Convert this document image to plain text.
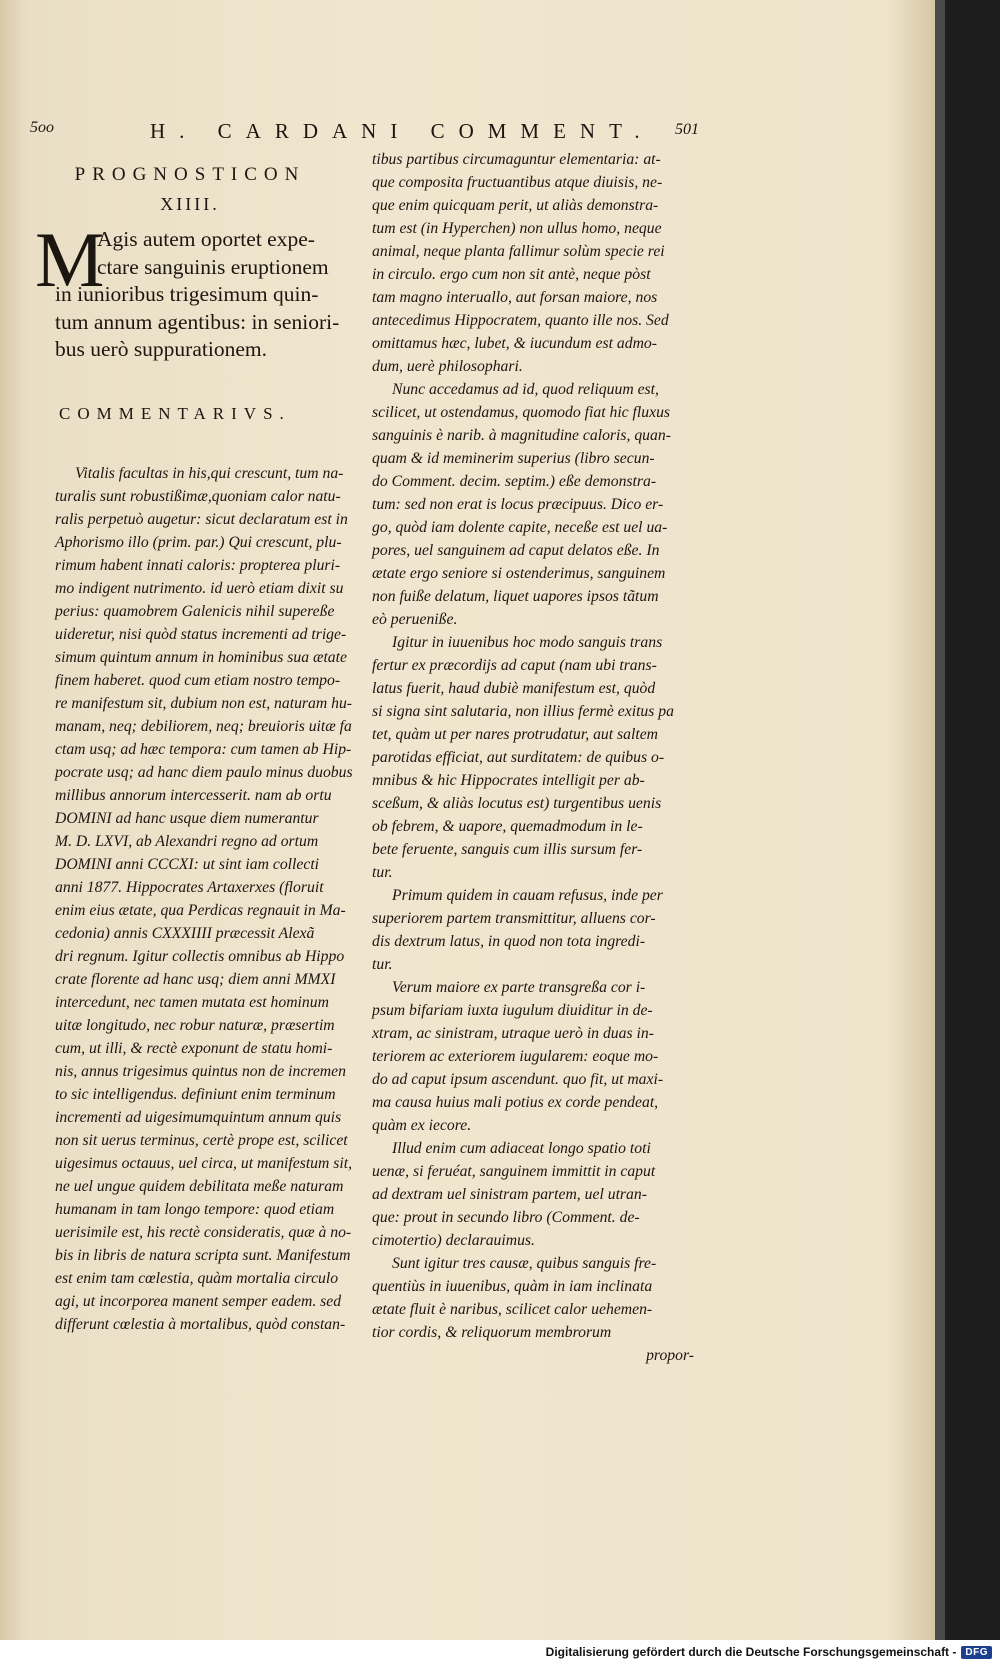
5oo	H. CARDANI COMMENT. 501
PROGNOSTICON
XIIII.
M
Agis autem oportet expe-
ctare sanguinis eruptionem
in iunioribus trigesimum quin-
tum annum agentibus: in seniori-
bus uerò suppurationem.
COMMENTARIVS.
Vitalis facultas in his,qui crescunt, tum na-
turalis sunt robustißimæ,quoniam calor natu-
ralis perpetuò augetur: sicut declaratum est in
Aphorismo illo (prim. par.) Qui crescunt, plu-
rimum habent innati caloris: propterea pluri-
mo indigent nutrimento. id uerò etiam dixit su
perius: quamobrem Galenicis nihil supereße
uideretur, nisi quòd status incrementi ad trige-
simum quintum annum in hominibus sua ætate
finem haberet. quod cum etiam nostro tempo-
re manifestum sit, dubium non est, naturam hu-
manam, neq; debiliorem, neq; breuioris uitæ fa
ctam usq; ad hæc tempora: cum tamen ab Hip-
pocrate usq; ad hanc diem paulo minus duobus
millibus annorum intercesserit. nam ab ortu
DOMINI ad hanc usque diem numerantur
M. D. LXVI, ab Alexandri regno ad ortum
DOMINI anni CCCXI: ut sint iam collecti
anni 1877. Hippocrates Artaxerxes (floruit
enim eius ætate, qua Perdicas regnauit in Ma-
cedonia) annis CXXXIIII præcessit Alexã
dri regnum. Igitur collectis omnibus ab Hippo
crate florente ad hanc usq; diem anni MMXI
intercedunt, nec tamen mutata est hominum
uitæ longitudo, nec robur naturæ, præsertim
cum, ut illi, & rectè exponunt de statu homi-
nis, annus trigesimus quintus non de incremen
to sic intelligendus. definiunt enim terminum
incrementi ad uigesimumquintum annum quis
non sit uerus terminus, certè prope est, scilicet
uigesimus octauus, uel circa, ut manifestum sit,
ne uel ungue quidem debilitata meße naturam
humanam in tam longo tempore: quod etiam
uerisimile est, his rectè consideratis, quæ à no-
bis in libris de natura scripta sunt. Manifestum
est enim tam cœlestia, quàm mortalia circulo
agi, ut incorporea manent semper eadem. sed
differunt cœlestia à mortalibus, quòd constan-
tibus partibus circumaguntur elementaria: at-
que composita fructuantibus atque diuisis, ne-
que enim quicquam perit, ut aliàs demonstra-
tum est (in Hyperchen) non ullus homo, neque
animal, neque planta fallimur solùm specie rei
in circulo. ergo cum non sit antè, neque pòst
tam magno interuallo, aut forsan maiore, nos
antecedimus Hippocratem, quanto ille nos. Sed
omittamus hæc, lubet, & iucundum est admo-
dum, uerè philosophari.
Nunc accedamus ad id, quod reliquum est,
scilicet, ut ostendamus, quomodo fiat hic fluxus
sanguinis è narib. à magnitudine caloris, quan-
quam & id meminerim superius (libro secun-
do Comment. decim. septim.) eße demonstra-
tum: sed non erat is locus præcipuus. Dico er-
go, quòd iam dolente capite, neceße est uel ua-
pores, uel sanguinem ad caput delatos eße. In
ætate ergo seniore si ostenderimus, sanguinem
non fuiße delatum, liquet uapores ipsos tãtum
eò perueniße.
Igitur in iuuenibus hoc modo sanguis trans
fertur ex præcordijs ad caput (nam ubi trans-
latus fuerit, haud dubiè manifestum est, quòd
si signa sint salutaria, non illius fermè exitus pa
tet, quàm ut per nares protrudatur, aut saltem
parotidas efficiat, aut surditatem: de quibus o-
mnibus & hic Hippocrates intelligit per ab-
sceßum, & aliàs locutus est) turgentibus uenis
ob febrem, & uapore, quemadmodum in le-
bete feruente, sanguis cum illis sursum fer-
tur.
Primum quidem in cauam refusus, inde per
superiorem partem transmittitur, alluens cor-
dis dextrum latus, in quod non tota ingredi-
tur.
Verum maiore ex parte transgreßa cor i-
psum bifariam iuxta iugulum diuiditur in de-
xtram, ac sinistram, utraque uerò in duas in-
teriorem ac exteriorem iugularem: eoque mo-
do ad caput ipsum ascendunt. quo fit, ut maxi-
ma causa huius mali potius ex corde pendeat,
quàm ex iecore.
Illud enim cum adiaceat longo spatio toti
uenæ, si feruéat, sanguinem immittit in caput
ad dextram uel sinistram partem, uel utran-
que: prout in secundo libro (Comment. de-
cimotertio) declarauimus.
Sunt igitur tres causæ, quibus sanguis fre-
quentiùs in iuuenibus, quàm in iam inclinata
ætate fluit è naribus, scilicet calor uehemen-
tior cordis, & reliquorum membrorum
propor-
Digitalisierung gefördert durch die Deutsche Forschungsgemeinschaft - DFG
